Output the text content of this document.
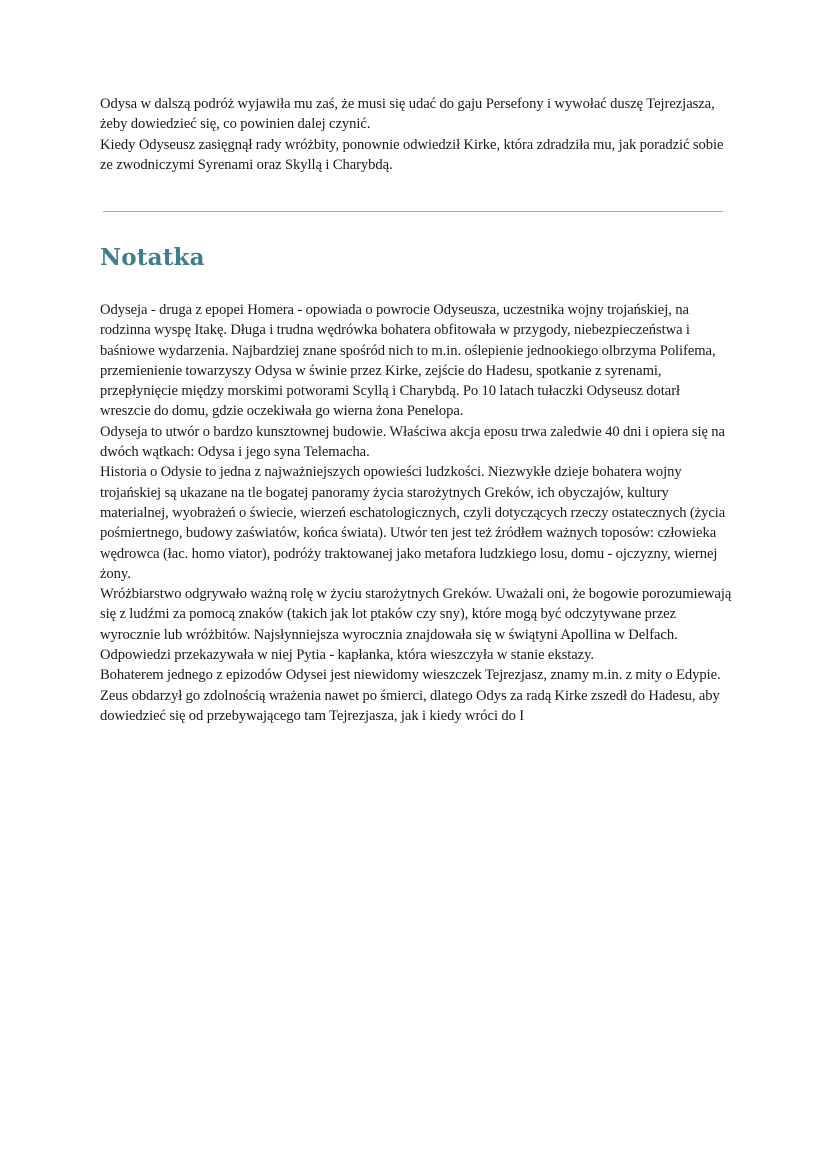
Odysa w dalszą podróż wyjawiła mu zaś, że musi się udać do gaju Persefony i wywołać duszę Tejrezjasza, żeby dowiedzieć się, co powinien dalej czynić.

Kiedy Odyseusz zasięgnął rady wróżbity, ponownie odwiedził Kirke, która zdradziła mu, jak poradzić sobie ze zwodniczymi Syrenami oraz Skyllą i Charybdą.

Notatka

Odyseja - druga z epopei Homera - opowiada o powrocie Odyseusza, uczestnika wojny trojańskiej, na rodzinna wyspę Itakę. Długa i trudna wędrówka bohatera obfitowała w przygody, niebezpieczeństwa i baśniowe wydarzenia. Najbardziej znane spośród nich to m.in. oślepienie jednookiego olbrzyma Polifema, przemienienie towarzyszy Odysa w świnie przez Kirke, zejście do Hadesu, spotkanie z syrenami, przepłynięcie między morskimi potworami Scyllą i Charybdą. Po 10 latach tułaczki Odyseusz dotarł wreszcie do domu, gdzie oczekiwała go wierna żona Penelopa.

Odyseja to utwór o bardzo kunsztownej budowie. Właściwa akcja eposu trwa zaledwie 40 dni i opiera się na dwóch wątkach: Odysa i jego syna Telemacha.

Historia o Odysie to jedna z najważniejszych opowieści ludzkości. Niezwykłe dzieje bohatera wojny trojańskiej są ukazane na tle bogatej panoramy życia starożytnych Greków, ich obyczajów, kultury materialnej, wyobrażeń o świecie, wierzeń eschatologicznych, czyli dotyczących rzeczy ostatecznych (życia pośmiertnego, budowy zaświatów, końca świata). Utwór ten jest też źródłem ważnych toposów: człowieka wędrowca (łac. homo viator), podróży traktowanej jako metafora ludzkiego losu, domu - ojczyzny, wiernej żony.

Wróżbiarstwo odgrywało ważną rolę w życiu starożytnych Greków. Uważali oni, że bogowie porozumiewają się z ludźmi za pomocą znaków (takich jak lot ptaków czy sny), które mogą być odczytywane przez wyrocznie lub wróżbitów. Najsłynniejsza wyrocznia znajdowała się w świątyni Apollina w Delfach. Odpowiedzi przekazywała w niej Pytia - kapłanka, która wieszczyła w stanie ekstazy.

Bohaterem jednego z epizodów Odysei jest niewidomy wieszczek Tejrezjasz, znamy m.in. z mity o Edypie. Zeus obdarzył go zdolnością wrażenia nawet po śmierci, dlatego Odys za radą Kirke zszedł do Hadesu, aby dowiedzieć się od przebywającego tam Tejrezjasza, jak i kiedy wróci do I
